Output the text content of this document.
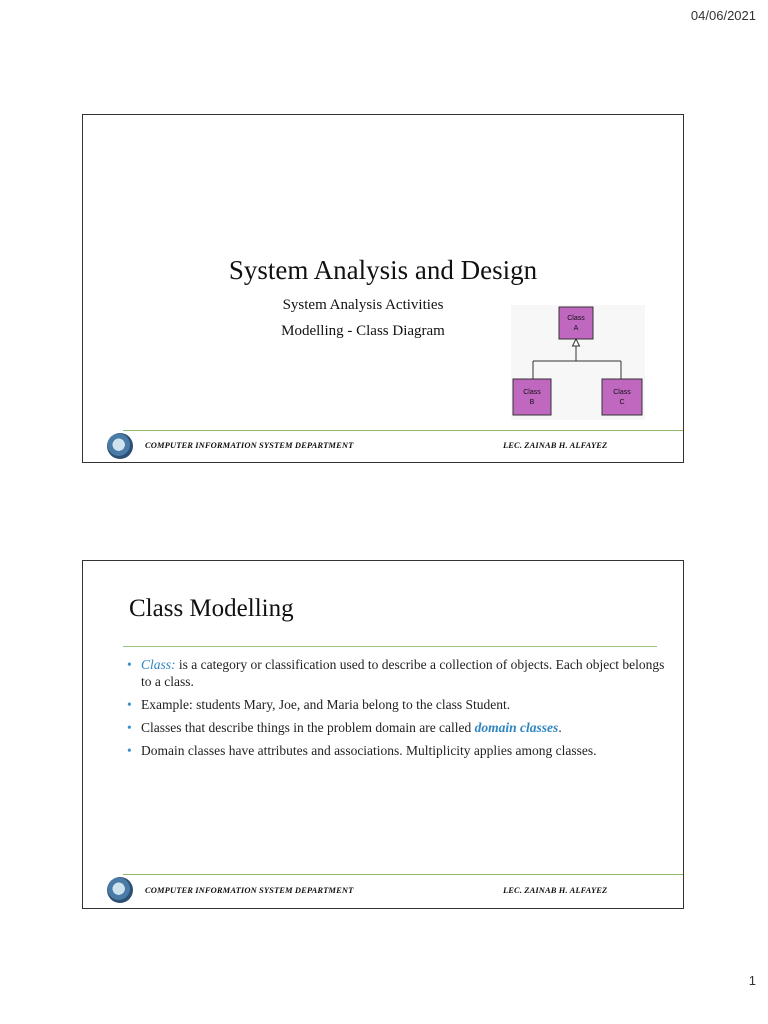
04/06/2021
System Analysis and Design
System Analysis Activities
Modelling - Class Diagram
Class
A
Class
B
Class
C
COMPUTER INFORMATION SYSTEM DEPARTMENT	LEC. ZAINAB H. ALFAYEZ
Class Modelling
• Class: is a category or classification used to describe a collection of objects. Each object belongs to a class.
• Example: students Mary, Joe, and Maria belong to the class Student.
• Classes that describe things in the problem domain are called domain classes.
• Domain classes have attributes and associations. Multiplicity applies among classes.
COMPUTER INFORMATION SYSTEM DEPARTMENT	LEC. ZAINAB H. ALFAYEZ
1
